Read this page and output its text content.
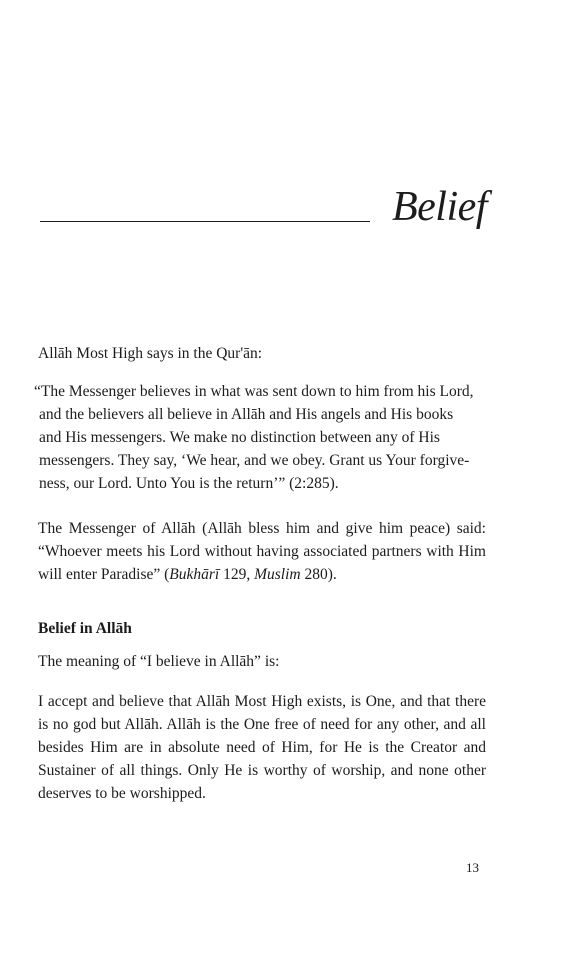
Belief

Allāh Most High says in the Qur'ān:

“The Messenger believes in what was sent down to him from his Lord,
and the believers all believe in Allāh and His angels and His books
and His messengers. We make no distinction between any of His
messengers. They say, ‘We hear, and we obey. Grant us Your forgive-
ness, our Lord. Unto You is the return’” (2:285).

The Messenger of Allāh (Allāh bless him and give him peace) said: “Whoever meets his Lord without having associated partners with Him will enter Paradise” (Bukhārī 129, Muslim 280).

Belief in Allāh

The meaning of “I believe in Allāh” is:

I accept and believe that Allāh Most High exists, is One, and that there is no god but Allāh. Allāh is the One free of need for any other, and all besides Him are in absolute need of Him, for He is the Creator and Sustainer of all things. Only He is worthy of worship, and none other deserves to be worshipped.

13
